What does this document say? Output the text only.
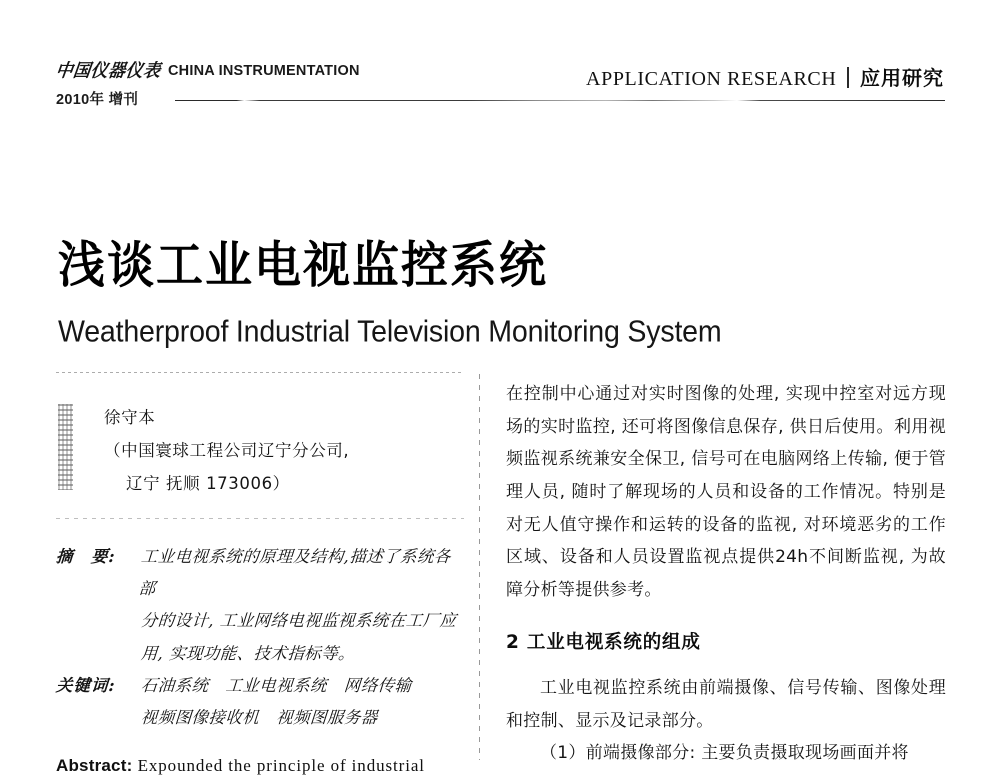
中国仪器仪表 CHINA INSTRUMENTATION
2010年 增刊
APPLICATION RESEARCH 应用研究
浅谈工业电视监控系统
Weatherproof Industrial Television Monitoring System
徐守本
（中国寰球工程公司辽宁分公司,
辽宁 抚顺 173006）
摘　要:	工业电视系统的原理及结构,描述了系统各部
分的设计, 工业网络电视监视系统在工厂应
用, 实现功能、技术指标等。
关键词:	石油系统 工业电视系统 网络传输
视频图像接收机 视频图服务器
Abstract: Expounded the principle of industrial

在控制中心通过对实时图像的处理, 实现中控室对远方现场的实时监控, 还可将图像信息保存, 供日后使用。利用视频监视系统兼安全保卫, 信号可在电脑网络上传输, 便于管理人员, 随时了解现场的人员和设备的工作情况。特别是对无人值守操作和运转的设备的监视, 对环境恶劣的工作区域、设备和人员设置监视点提供24h不间断监视, 为故障分析等提供参考。

2 工业电视系统的组成

工业电视监控系统由前端摄像、信号传输、图像处理和控制、显示及记录部分。

（1）前端摄像部分: 主要负责摄取现场画面并将
